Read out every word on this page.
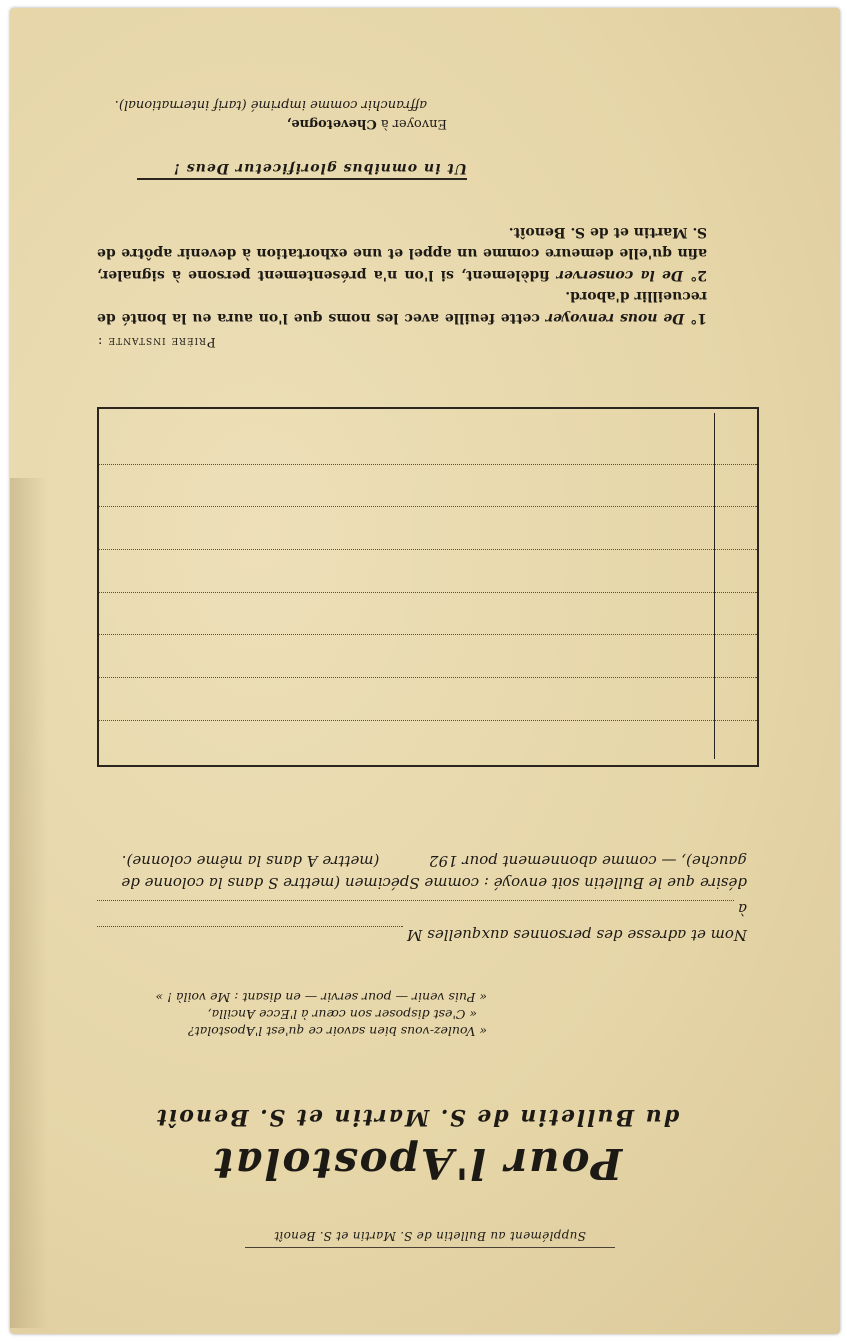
Supplément au Bulletin de S. Martin et S. Benoît
Pour l'Apostolat
du Bulletin de S. Martin et S. Benoît
« Voulez-vous bien savoir ce qu'est l'Apostolat?
« C'est disposer son cœur à l'Ecce Ancilla,
« Puis venir — pour servir — en disant : Me voilà ! »
Nom et adresse des personnes auxquelles M
à
désire que le Bulletin soit envoyé : comme Spécimen (mettre S dans la colonne de gauche), — comme abonnement pour 192  (mettre A dans la même colonne).
Prière instante :

1° De nous renvoyer cette feuille avec les noms que l'on aura eu la bonté de recueillir d'abord.

2° De la conserver fidèlement, si l'on n'a présentement persone à signaler, afin qu'elle demeure comme un appel et une exhortation à devenir apôtre de S. Martin et de S. Benoît.

Ut in omnibus glorificetur Deus !
Envoyer à Chevetogne,
affranchir comme imprimé (tarif international).
